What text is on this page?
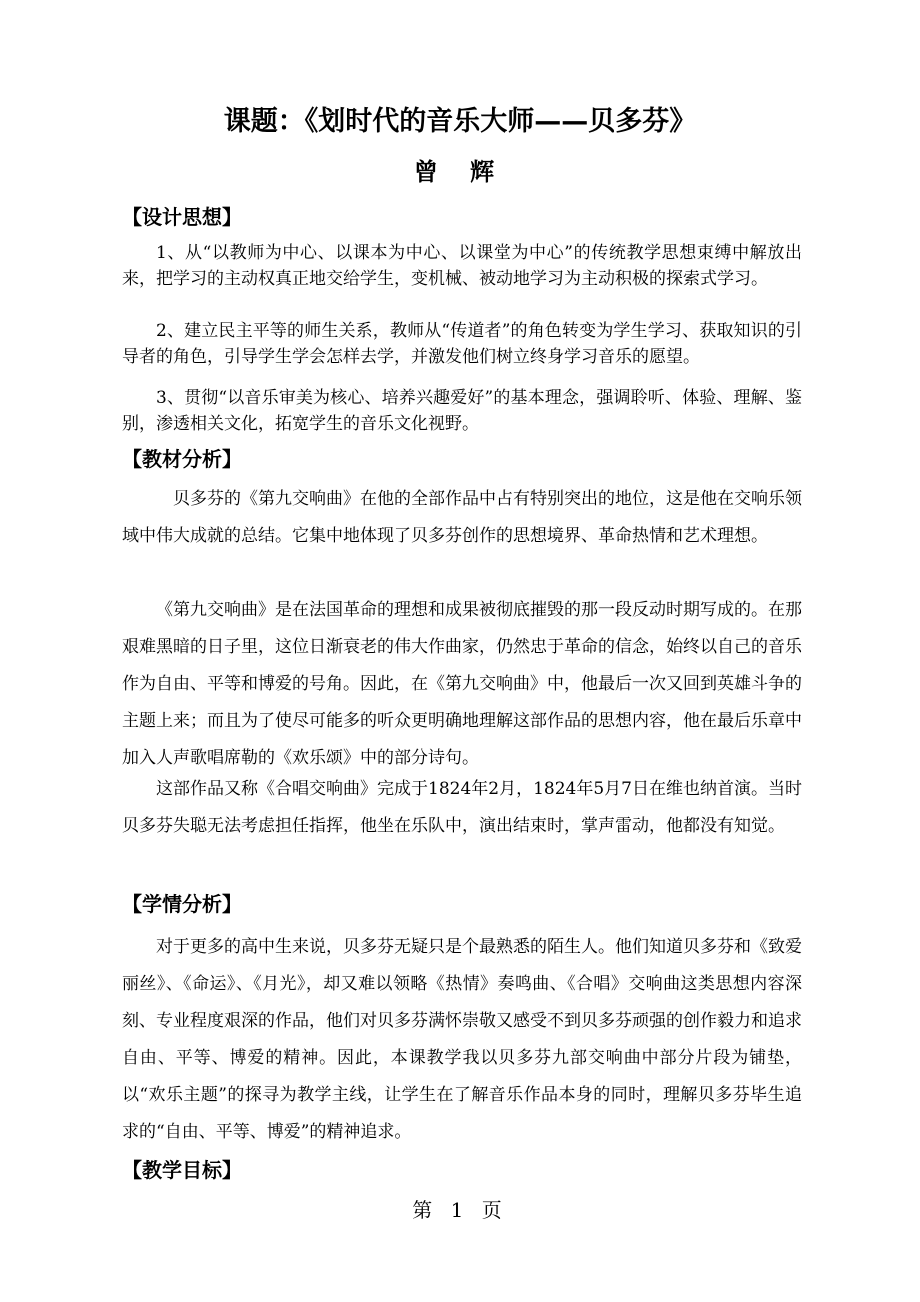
课题：《划时代的音乐大师——贝多芬》
曾 辉
【设计思想】

1、从“以教师为中心、以课本为中心、以课堂为中心”的传统教学思想束缚中解放出来，把学习的主动权真正地交给学生，变机械、被动地学习为主动积极的探索式学习。

2、建立民主平等的师生关系，教师从“传道者”的角色转变为学生学习、获取知识的引导者的角色，引导学生学会怎样去学，并激发他们树立终身学习音乐的愿望。

3、贯彻“以音乐审美为核心、培养兴趣爱好”的基本理念，强调聆听、体验、理解、鉴别，渗透相关文化，拓宽学生的音乐文化视野。

【教材分析】

贝多芬的《第九交响曲》在他的全部作品中占有特别突出的地位，这是他在交响乐领域中伟大成就的总结。它集中地体现了贝多芬创作的思想境界、革命热情和艺术理想。

《第九交响曲》是在法国革命的理想和成果被彻底摧毁的那一段反动时期写成的。在那艰难黑暗的日子里，这位日渐衰老的伟大作曲家，仍然忠于革命的信念，始终以自己的音乐作为自由、平等和博爱的号角。因此，在《第九交响曲》中，他最后一次又回到英雄斗争的主题上来；而且为了使尽可能多的听众更明确地理解这部作品的思想内容，他在最后乐章中加入人声歌唱席勒的《欢乐颂》中的部分诗句。

这部作品又称《合唱交响曲》完成于1824年2月，1824年5月7日在维也纳首演。当时贝多芬失聪无法考虑担任指挥，他坐在乐队中，演出结束时，掌声雷动，他都没有知觉。

【学情分析】

对于更多的高中生来说，贝多芬无疑只是个最熟悉的陌生人。他们知道贝多芬和《致爱丽丝》、《命运》、《月光》，却又难以领略《热情》奏鸣曲、《合唱》交响曲这类思想内容深刻、专业程度艰深的作品，他们对贝多芬满怀崇敬又感受不到贝多芬顽强的创作毅力和追求自由、平等、博爱的精神。因此，本课教学我以贝多芬九部交响曲中部分片段为铺垫，以“欢乐主题”的探寻为教学主线，让学生在了解音乐作品本身的同时，理解贝多芬毕生追求的“自由、平等、博爱”的精神追求。

【教学目标】
第 1 页
